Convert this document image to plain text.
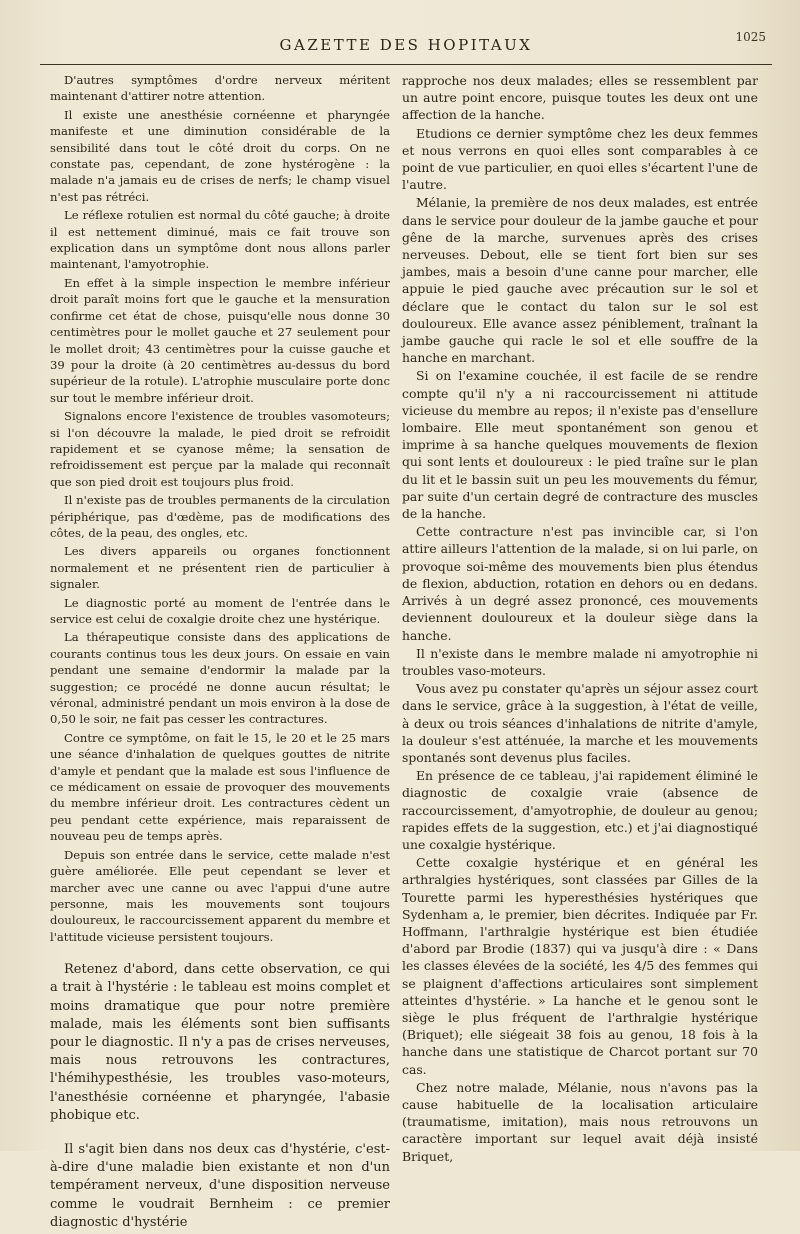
GAZETTE DES HOPITAUX	1025

D'autres symptômes d'ordre nerveux méritent maintenant d'attirer notre attention.

Il existe une anesthésie cornéenne et pharyngée manifeste et une diminution considérable de la sensibilité dans tout le côté droit du corps. On ne constate pas, cependant, de zone hystérogène : la malade n'a jamais eu de crises de nerfs; le champ visuel n'est pas rétréci.

Le réflexe rotulien est normal du côté gauche; à droite il est nettement diminué, mais ce fait trouve son explication dans un symptôme dont nous allons parler maintenant, l'amyotrophie.

En effet à la simple inspection le membre inférieur droit paraît moins fort que le gauche et la mensuration confirme cet état de chose, puisqu'elle nous donne 30 centimètres pour le mollet gauche et 27 seulement pour le mollet droit; 43 centimètres pour la cuisse gauche et 39 pour la droite (à 20 centimètres au-dessus du bord supérieur de la rotule). L'atrophie musculaire porte donc sur tout le membre inférieur droit.

Signalons encore l'existence de troubles vasomoteurs; si l'on découvre la malade, le pied droit se refroidit rapidement et se cyanose même; la sensation de refroidissement est perçue par la malade qui reconnaît que son pied droit est toujours plus froid.

Il n'existe pas de troubles permanents de la circulation périphérique, pas d'œdème, pas de modifications des côtes, de la peau, des ongles, etc.

Les divers appareils ou organes fonctionnent normalement et ne présentent rien de particulier à signaler.

Le diagnostic porté au moment de l'entrée dans le service est celui de coxalgie droite chez une hystérique.

La thérapeutique consiste dans des applications de courants continus tous les deux jours. On essaie en vain pendant une semaine d'endormir la malade par la suggestion; ce procédé ne donne aucun résultat; le véronal, administré pendant un mois environ à la dose de 0,50 le soir, ne fait pas cesser les contractures.

Contre ce symptôme, on fait le 15, le 20 et le 25 mars une séance d'inhalation de quelques gouttes de nitrite d'amyle et pendant que la malade est sous l'influence de ce médicament on essaie de provoquer des mouvements du membre inférieur droit. Les contractures cèdent un peu pendant cette expérience, mais reparaissent de nouveau peu de temps après.

Depuis son entrée dans le service, cette malade n'est guère améliorée. Elle peut cependant se lever et marcher avec une canne ou avec l'appui d'une autre personne, mais les mouvements sont toujours douloureux, le raccourcissement apparent du membre et l'attitude vicieuse persistent toujours.

Retenez d'abord, dans cette observation, ce qui a trait à l'hystérie : le tableau est moins complet et moins dramatique que pour notre première malade, mais les éléments sont bien suffisants pour le diagnostic. Il n'y a pas de crises nerveuses, mais nous retrouvons les contractures, l'hémihypesthésie, les troubles vaso-moteurs, l'anesthésie cornéenne et pharyngée, l'abasie phobique etc.

Il s'agit bien dans nos deux cas d'hystérie, c'est-à-dire d'une maladie bien existante et non d'un tempérament nerveux, d'une disposition nerveuse comme le voudrait Bernheim : ce premier diagnostic d'hystérie

rapproche nos deux malades; elles se ressemblent par un autre point encore, puisque toutes les deux ont une affection de la hanche.

Etudions ce dernier symptôme chez les deux femmes et nous verrons en quoi elles sont comparables à ce point de vue particulier, en quoi elles s'écartent l'une de l'autre.

Mélanie, la première de nos deux malades, est entrée dans le service pour douleur de la jambe gauche et pour gêne de la marche, survenues après des crises nerveuses. Debout, elle se tient fort bien sur ses jambes, mais a besoin d'une canne pour marcher, elle appuie le pied gauche avec précaution sur le sol et déclare que le contact du talon sur le sol est douloureux. Elle avance assez péniblement, traînant la jambe gauche qui racle le sol et elle souffre de la hanche en marchant.

Si on l'examine couchée, il est facile de se rendre compte qu'il n'y a ni raccourcissement ni attitude vicieuse du membre au repos; il n'existe pas d'ensellure lombaire. Elle meut spontanément son genou et imprime à sa hanche quelques mouvements de flexion qui sont lents et douloureux : le pied traîne sur le plan du lit et le bassin suit un peu les mouvements du fémur, par suite d'un certain degré de contracture des muscles de la hanche.

Cette contracture n'est pas invincible car, si l'on attire ailleurs l'attention de la malade, si on lui parle, on provoque soi-même des mouvements bien plus étendus de flexion, abduction, rotation en dehors ou en dedans. Arrivés à un degré assez prononcé, ces mouvements deviennent douloureux et la douleur siège dans la hanche.

Il n'existe dans le membre malade ni amyotrophie ni troubles vaso-moteurs.

Vous avez pu constater qu'après un séjour assez court dans le service, grâce à la suggestion, à l'état de veille, à deux ou trois séances d'inhalations de nitrite d'amyle, la douleur s'est atténuée, la marche et les mouvements spontanés sont devenus plus faciles.

En présence de ce tableau, j'ai rapidement éliminé le diagnostic de coxalgie vraie (absence de raccourcissement, d'amyotrophie, de douleur au genou; rapides effets de la suggestion, etc.) et j'ai diagnostiqué une coxalgie hystérique.

Cette coxalgie hystérique et en général les arthralgies hystériques, sont classées par Gilles de la Tourette parmi les hyperesthésies hystériques que Sydenham a, le premier, bien décrites. Indiquée par Fr. Hoffmann, l'arthralgie hystérique est bien étudiée d'abord par Brodie (1837) qui va jusqu'à dire : « Dans les classes élevées de la société, les 4/5 des femmes qui se plaignent d'affections articulaires sont simplement atteintes d'hystérie. » La hanche et le genou sont le siège le plus fréquent de l'arthralgie hystérique (Briquet); elle siégeait 38 fois au genou, 18 fois à la hanche dans une statistique de Charcot portant sur 70 cas.

Chez notre malade, Mélanie, nous n'avons pas la cause habituelle de la localisation articulaire (traumatisme, imitation), mais nous retrouvons un caractère important sur lequel avait déjà insisté Briquet,
